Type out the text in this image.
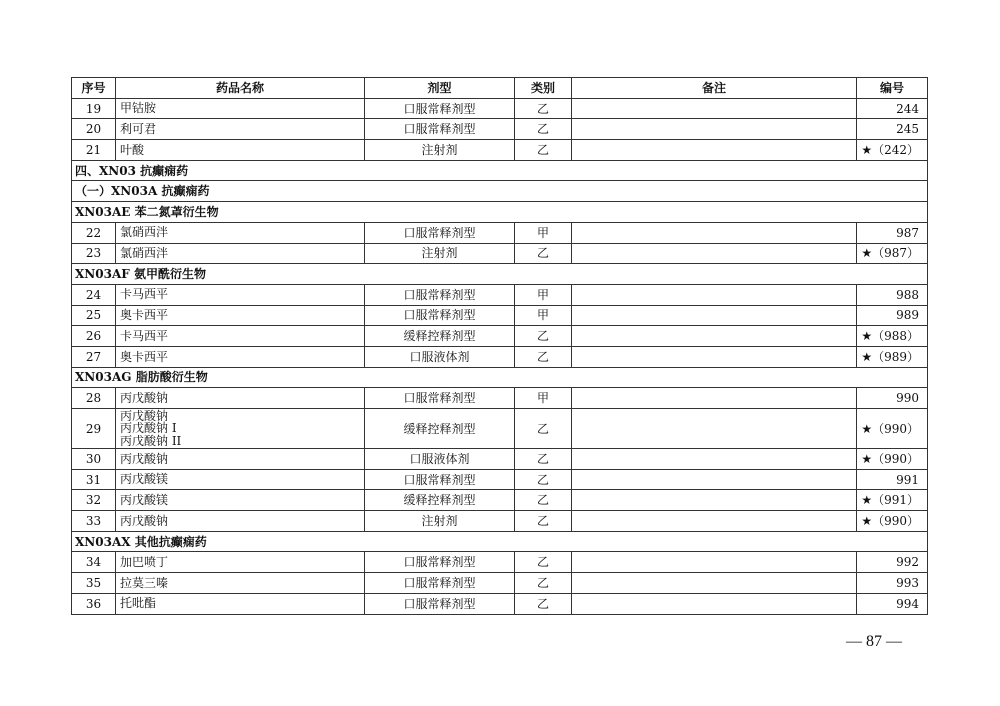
序号	药品名称	剂型	类别	备注	编号
19	甲钴胺	口服常释剂型	乙		244
20	利可君	口服常释剂型	乙		245
21	叶酸	注射剂	乙		★（242）
四、XN03 抗癫痫药					
（一）XN03A 抗癫痫药					
XN03AE 苯二氮䓬衍生物					
22	氯硝西泮	口服常释剂型	甲		987
23	氯硝西泮	注射剂	乙		★（987）
XN03AF 氨甲酰衍生物					
24	卡马西平	口服常释剂型	甲		988
25	奥卡西平	口服常释剂型	甲		989
26	卡马西平	缓释控释剂型	乙		★（988）
27	奥卡西平	口服液体剂	乙		★（989）
XN03AG 脂肪酸衍生物					
28	丙戊酸钠	口服常释剂型	甲		990
29	丙戊酸钠
丙戊酸钠 Ⅰ
丙戊酸钠 II	缓释控释剂型	乙		★（990）
30	丙戊酸钠	口服液体剂	乙		★（990）
31	丙戊酸镁	口服常释剂型	乙		991
32	丙戊酸镁	缓释控释剂型	乙		★（991）
33	丙戊酸钠	注射剂	乙		★（990）
XN03AX 其他抗癫痫药					
34	加巴喷丁	口服常释剂型	乙		992
35	拉莫三嗪	口服常释剂型	乙		993
36	托吡酯	口服常释剂型	乙		994
— 87 —
